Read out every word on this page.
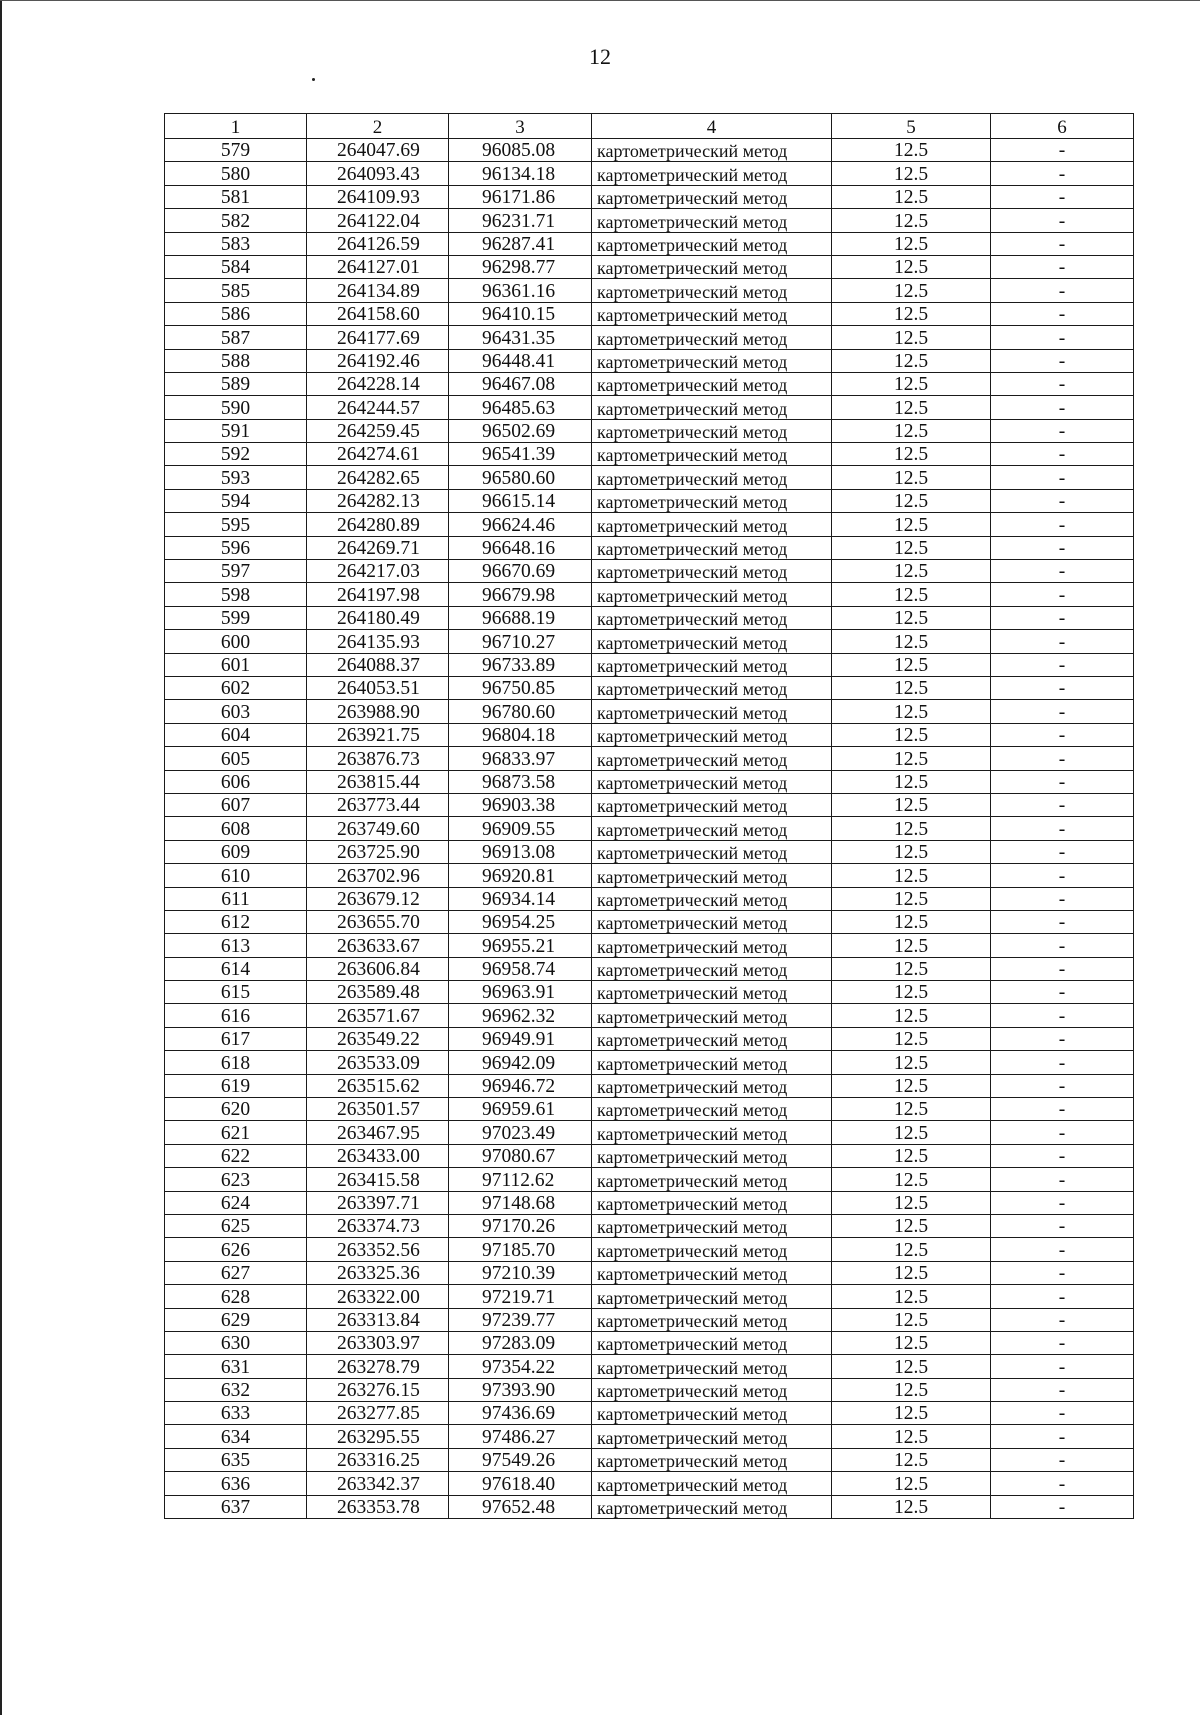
12
1	2	3	4	5	6
579	264047.69	96085.08	картометрический метод	12.5	-
580	264093.43	96134.18	картометрический метод	12.5	-
581	264109.93	96171.86	картометрический метод	12.5	-
582	264122.04	96231.71	картометрический метод	12.5	-
583	264126.59	96287.41	картометрический метод	12.5	-
584	264127.01	96298.77	картометрический метод	12.5	-
585	264134.89	96361.16	картометрический метод	12.5	-
586	264158.60	96410.15	картометрический метод	12.5	-
587	264177.69	96431.35	картометрический метод	12.5	-
588	264192.46	96448.41	картометрический метод	12.5	-
589	264228.14	96467.08	картометрический метод	12.5	-
590	264244.57	96485.63	картометрический метод	12.5	-
591	264259.45	96502.69	картометрический метод	12.5	-
592	264274.61	96541.39	картометрический метод	12.5	-
593	264282.65	96580.60	картометрический метод	12.5	-
594	264282.13	96615.14	картометрический метод	12.5	-
595	264280.89	96624.46	картометрический метод	12.5	-
596	264269.71	96648.16	картометрический метод	12.5	-
597	264217.03	96670.69	картометрический метод	12.5	-
598	264197.98	96679.98	картометрический метод	12.5	-
599	264180.49	96688.19	картометрический метод	12.5	-
600	264135.93	96710.27	картометрический метод	12.5	-
601	264088.37	96733.89	картометрический метод	12.5	-
602	264053.51	96750.85	картометрический метод	12.5	-
603	263988.90	96780.60	картометрический метод	12.5	-
604	263921.75	96804.18	картометрический метод	12.5	-
605	263876.73	96833.97	картометрический метод	12.5	-
606	263815.44	96873.58	картометрический метод	12.5	-
607	263773.44	96903.38	картометрический метод	12.5	-
608	263749.60	96909.55	картометрический метод	12.5	-
609	263725.90	96913.08	картометрический метод	12.5	-
610	263702.96	96920.81	картометрический метод	12.5	-
611	263679.12	96934.14	картометрический метод	12.5	-
612	263655.70	96954.25	картометрический метод	12.5	-
613	263633.67	96955.21	картометрический метод	12.5	-
614	263606.84	96958.74	картометрический метод	12.5	-
615	263589.48	96963.91	картометрический метод	12.5	-
616	263571.67	96962.32	картометрический метод	12.5	-
617	263549.22	96949.91	картометрический метод	12.5	-
618	263533.09	96942.09	картометрический метод	12.5	-
619	263515.62	96946.72	картометрический метод	12.5	-
620	263501.57	96959.61	картометрический метод	12.5	-
621	263467.95	97023.49	картометрический метод	12.5	-
622	263433.00	97080.67	картометрический метод	12.5	-
623	263415.58	97112.62	картометрический метод	12.5	-
624	263397.71	97148.68	картометрический метод	12.5	-
625	263374.73	97170.26	картометрический метод	12.5	-
626	263352.56	97185.70	картометрический метод	12.5	-
627	263325.36	97210.39	картометрический метод	12.5	-
628	263322.00	97219.71	картометрический метод	12.5	-
629	263313.84	97239.77	картометрический метод	12.5	-
630	263303.97	97283.09	картометрический метод	12.5	-
631	263278.79	97354.22	картометрический метод	12.5	-
632	263276.15	97393.90	картометрический метод	12.5	-
633	263277.85	97436.69	картометрический метод	12.5	-
634	263295.55	97486.27	картометрический метод	12.5	-
635	263316.25	97549.26	картометрический метод	12.5	-
636	263342.37	97618.40	картометрический метод	12.5	-
637	263353.78	97652.48	картометрический метод	12.5	-
